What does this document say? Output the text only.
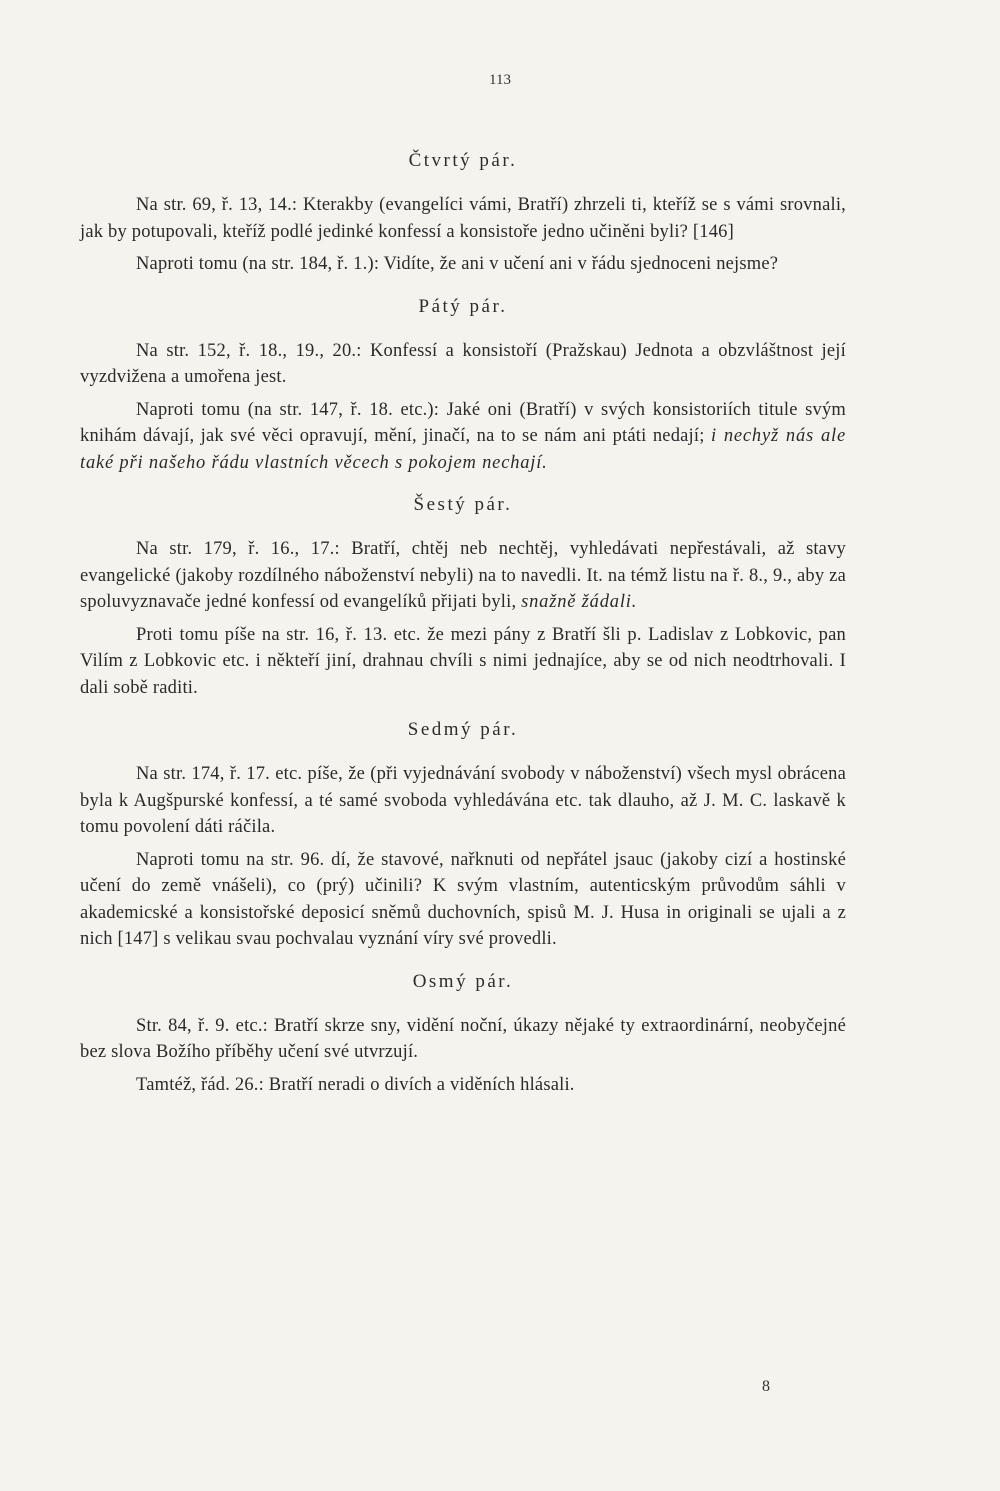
113
Čtvrtý pár.

Na str. 69, ř. 13, 14.: Kterakby (evangelíci vámi, Bratří) zhrzeli ti, kteříž se s vámi srovnali, jak by potupovali, kteříž podlé jedinké konfessí a konsistoře jedno učiněni byli? [146]

Naproti tomu (na str. 184, ř. 1.): Vidíte, že ani v učení ani v řádu sjednoceni nejsme?

Pátý pár.

Na str. 152, ř. 18., 19., 20.: Konfessí a konsistoří (Pražskau) Jednota a obzvláštnost její vyzdvižena a umořena jest.

Naproti tomu (na str. 147, ř. 18. etc.): Jaké oni (Bratří) v svých konsistoriích titule svým knihám dávají, jak své věci opravují, mění, jinačí, na to se nám ani ptáti nedají; i nechyž nás ale také při našeho řádu vlastních věcech s pokojem nechají.

Šestý pár.

Na str. 179, ř. 16., 17.: Bratří, chtěj neb nechtěj, vyhledávati nepřestávali, až stavy evangelické (jakoby rozdílného náboženství nebyli) na to navedli. It. na témž listu na ř. 8., 9., aby za spoluvyznavače jedné konfessí od evangelíků přijati byli, snažně žádali.

Proti tomu píše na str. 16, ř. 13. etc. že mezi pány z Bratří šli p. Ladislav z Lobkovic, pan Vilím z Lobkovic etc. i někteří jiní, drahnau chvíli s nimi jednajíce, aby se od nich neodtrhovali. I dali sobě raditi.

Sedmý pár.

Na str. 174, ř. 17. etc. píše, že (při vyjednávání svobody v náboženství) všech mysl obrácena byla k Augšpurské konfessí, a té samé svoboda vyhledávána etc. tak dlauho, až J. M. C. laskavě k tomu povolení dáti ráčila.

Naproti tomu na str. 96. dí, že stavové, nařknuti od nepřátel jsauc (jakoby cizí a hostinské učení do země vnášeli), co (prý) učinili? K svým vlastním, autenticským průvodům sáhli v akademicské a konsistořské deposicí sněmů duchovních, spisů M. J. Husa in originali se ujali a z nich [147] s velikau svau pochvalau vyznání víry své provedli.

Osmý pár.

Str. 84, ř. 9. etc.: Bratří skrze sny, vidění noční, úkazy nějaké ty extraordinární, neobyčejné bez slova Božího příběhy učení své utvrzují.

Tamtéž, řád. 26.: Bratří neradi o divích a viděních hlásali.

8
